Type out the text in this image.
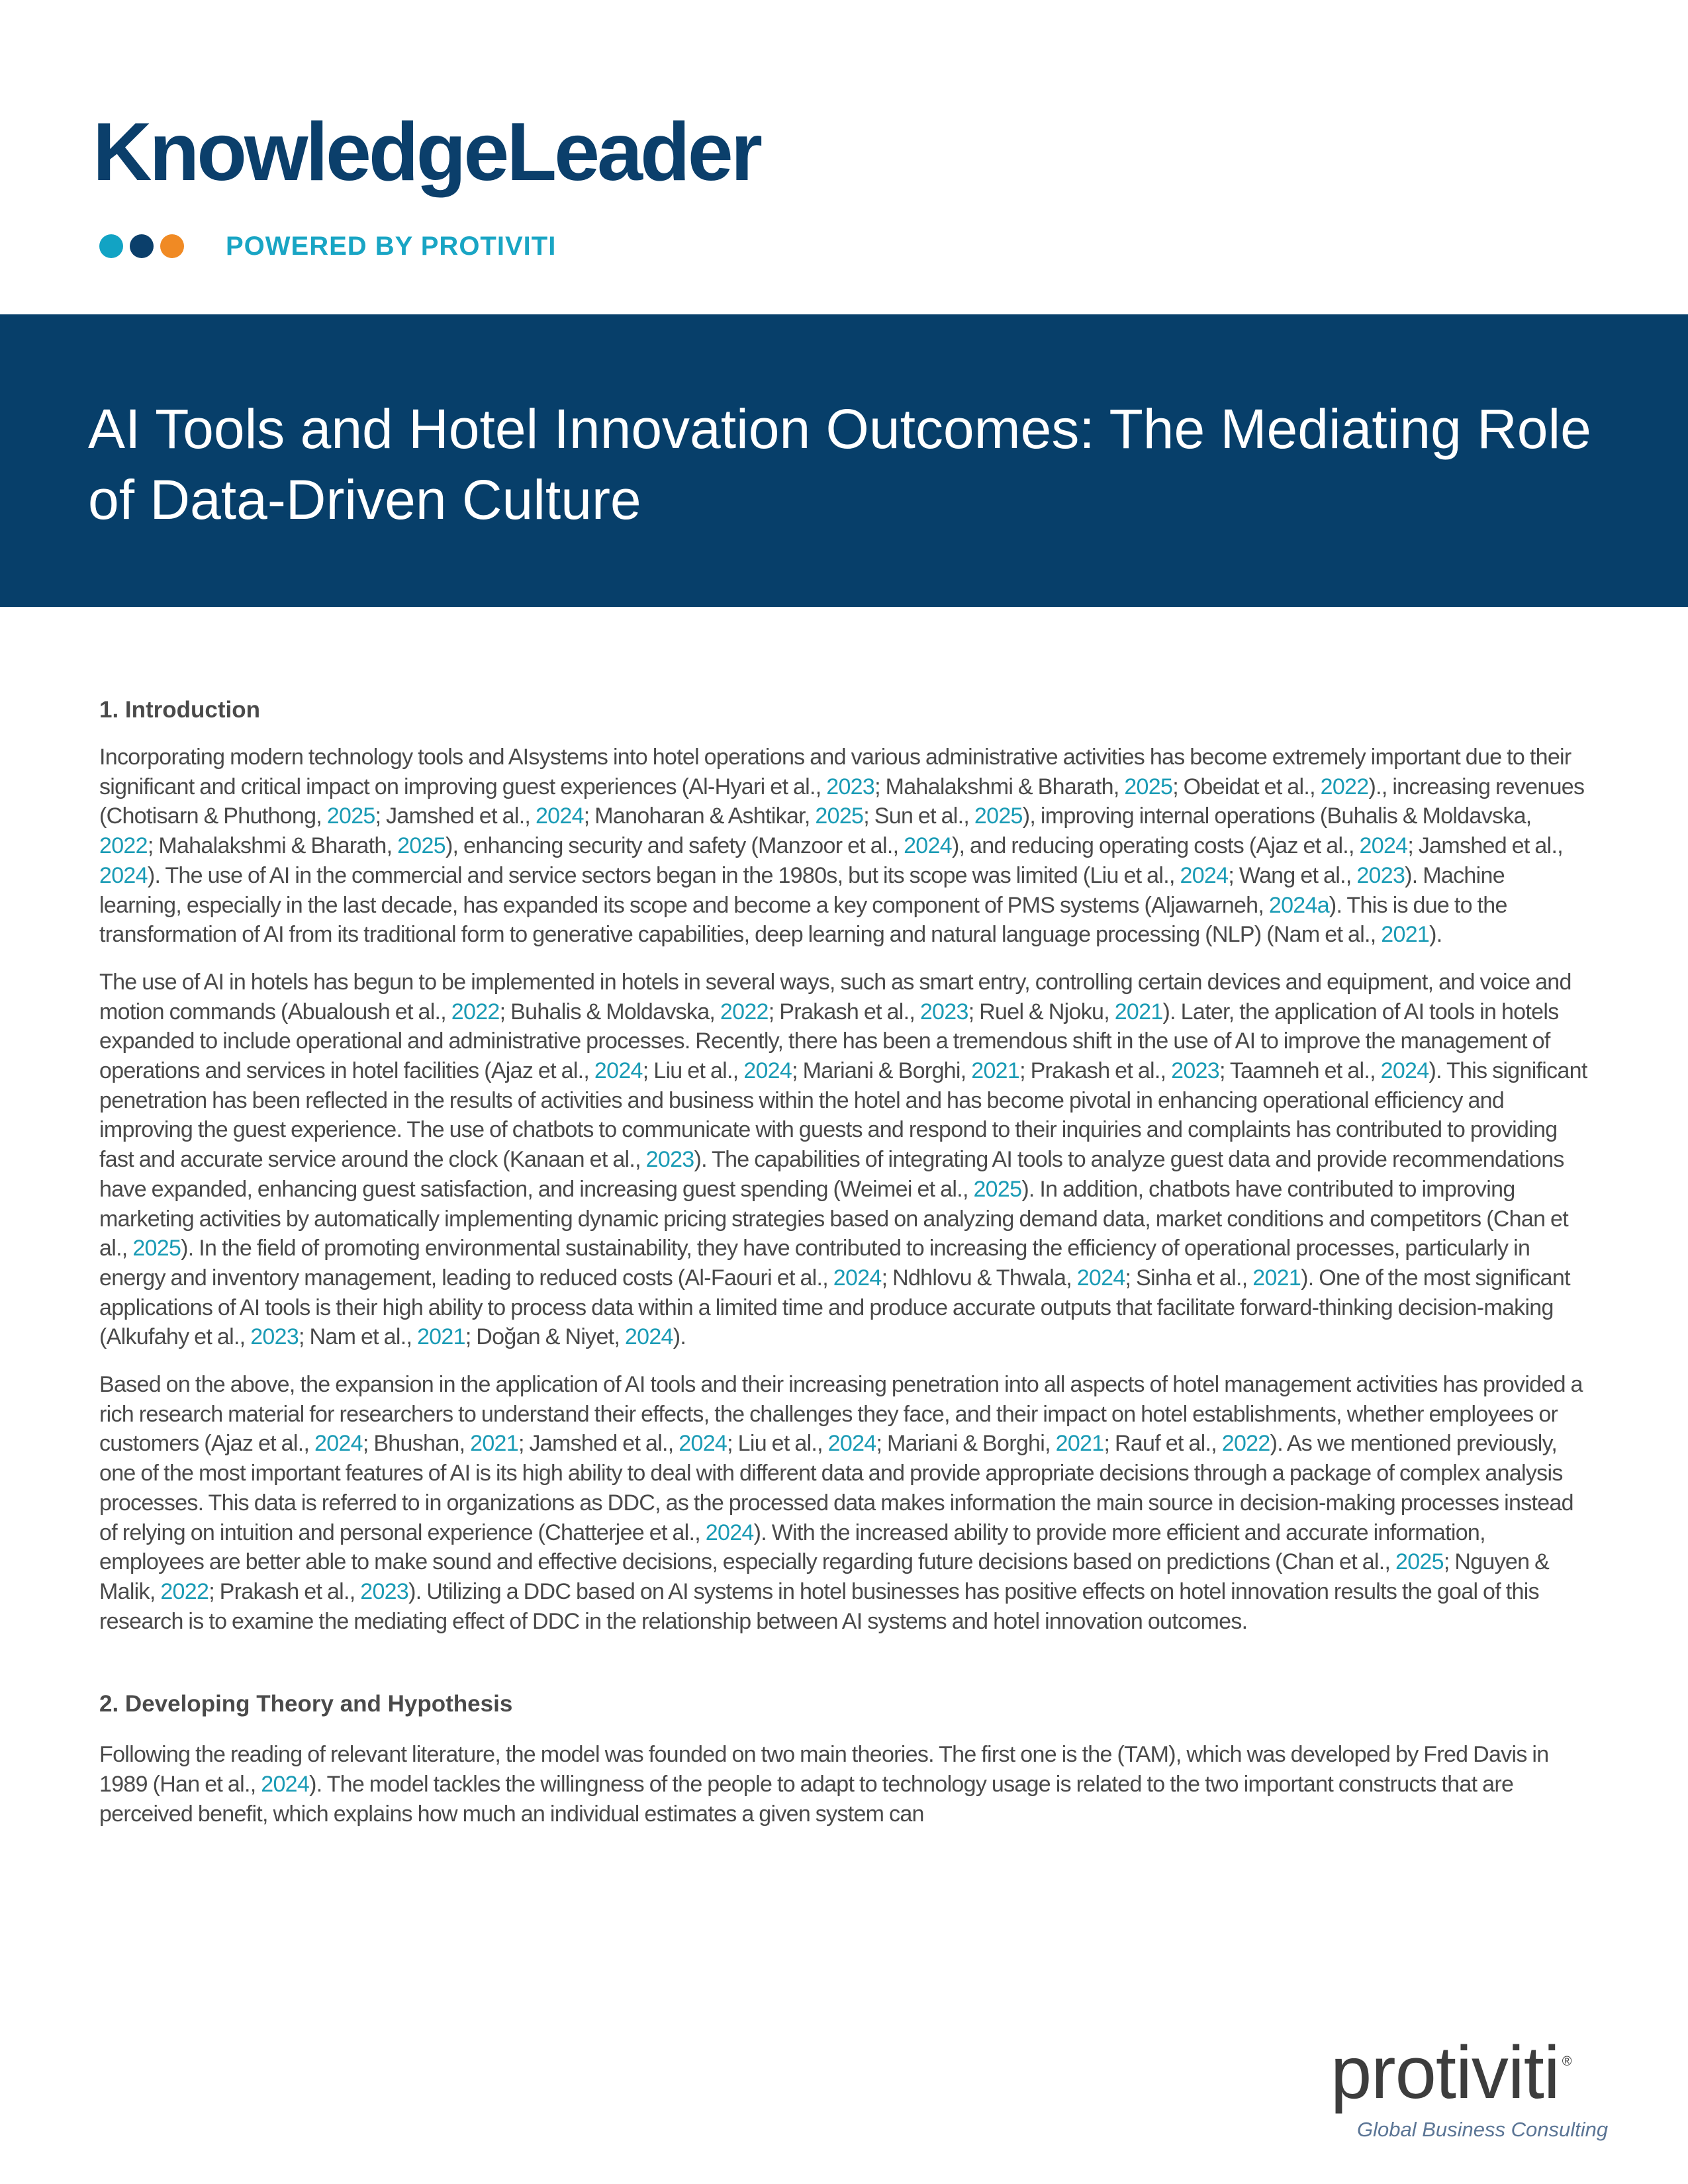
KnowledgeLeader
POWERED BY PROTIVITI
AI Tools and Hotel Innovation Outcomes: The Mediating Role of Data-Driven Culture
1. Introduction

Incorporating modern technology tools and AIsystems into hotel operations and various administrative activities has become extremely important due to their significant and critical impact on improving guest experiences (Al-Hyari et al., 2023; Mahalakshmi & Bharath, 2025; Obeidat et al., 2022)., increasing revenues (Chotisarn & Phuthong, 2025; Jamshed et al., 2024; Manoharan & Ashtikar, 2025; Sun et al., 2025), improving internal operations (Buhalis & Moldavska, 2022; Mahalakshmi & Bharath, 2025), enhancing security and safety (Manzoor et al., 2024), and reducing operating costs (Ajaz et al., 2024; Jamshed et al., 2024). The use of AI in the commercial and service sectors began in the 1980s, but its scope was limited (Liu et al., 2024; Wang et al., 2023). Machine learning, especially in the last decade, has expanded its scope and become a key component of PMS systems (Aljawarneh, 2024a). This is due to the transformation of AI from its traditional form to generative capabilities, deep learning and natural language processing (NLP) (Nam et al., 2021).

The use of AI in hotels has begun to be implemented in hotels in several ways, such as smart entry, controlling certain devices and equipment, and voice and motion commands (Abualoush et al., 2022; Buhalis & Moldavska, 2022; Prakash et al., 2023; Ruel & Njoku, 2021). Later, the application of AI tools in hotels expanded to include operational and administrative processes. Recently, there has been a tremendous shift in the use of AI to improve the management of operations and services in hotel facilities (Ajaz et al., 2024; Liu et al., 2024; Mariani & Borghi, 2021; Prakash et al., 2023; Taamneh et al., 2024). This significant penetration has been reflected in the results of activities and business within the hotel and has become pivotal in enhancing operational efficiency and improving the guest experience. The use of chatbots to communicate with guests and respond to their inquiries and complaints has contributed to providing fast and accurate service around the clock (Kanaan et al., 2023). The capabilities of integrating AI tools to analyze guest data and provide recommendations have expanded, enhancing guest satisfaction, and increasing guest spending (Weimei et al., 2025). In addition, chatbots have contributed to improving marketing activities by automatically implementing dynamic pricing strategies based on analyzing demand data, market conditions and competitors (Chan et al., 2025). In the field of promoting environmental sustainability, they have contributed to increasing the efficiency of operational processes, particularly in energy and inventory management, leading to reduced costs (Al-Faouri et al., 2024; Ndhlovu & Thwala, 2024; Sinha et al., 2021). One of the most significant applications of AI tools is their high ability to process data within a limited time and produce accurate outputs that facilitate forward-thinking decision-making (Alkufahy et al., 2023; Nam et al., 2021; Doğan & Niyet, 2024).

Based on the above, the expansion in the application of AI tools and their increasing penetration into all aspects of hotel management activities has provided a rich research material for researchers to understand their effects, the challenges they face, and their impact on hotel establishments, whether employees or customers (Ajaz et al., 2024; Bhushan, 2021; Jamshed et al., 2024; Liu et al., 2024; Mariani & Borghi, 2021; Rauf et al., 2022). As we mentioned previously, one of the most important features of AI is its high ability to deal with different data and provide appropriate decisions through a package of complex analysis processes. This data is referred to in organizations as DDC, as the processed data makes information the main source in decision-making processes instead of relying on intuition and personal experience (Chatterjee et al., 2024). With the increased ability to provide more efficient and accurate information, employees are better able to make sound and effective decisions, especially regarding future decisions based on predictions (Chan et al., 2025; Nguyen & Malik, 2022; Prakash et al., 2023). Utilizing a DDC based on AI systems in hotel businesses has positive effects on hotel innovation results the goal of this research is to examine the mediating effect of DDC in the relationship between AI systems and hotel innovation outcomes.

2. Developing Theory and Hypothesis

Following the reading of relevant literature, the model was founded on two main theories. The first one is the (TAM), which was developed by Fred Davis in 1989 (Han et al., 2024). The model tackles the willingness of the people to adapt to technology usage is related to the two important constructs that are perceived benefit, which explains how much an individual estimates a given system can

protiviti ®
Global Business Consulting
